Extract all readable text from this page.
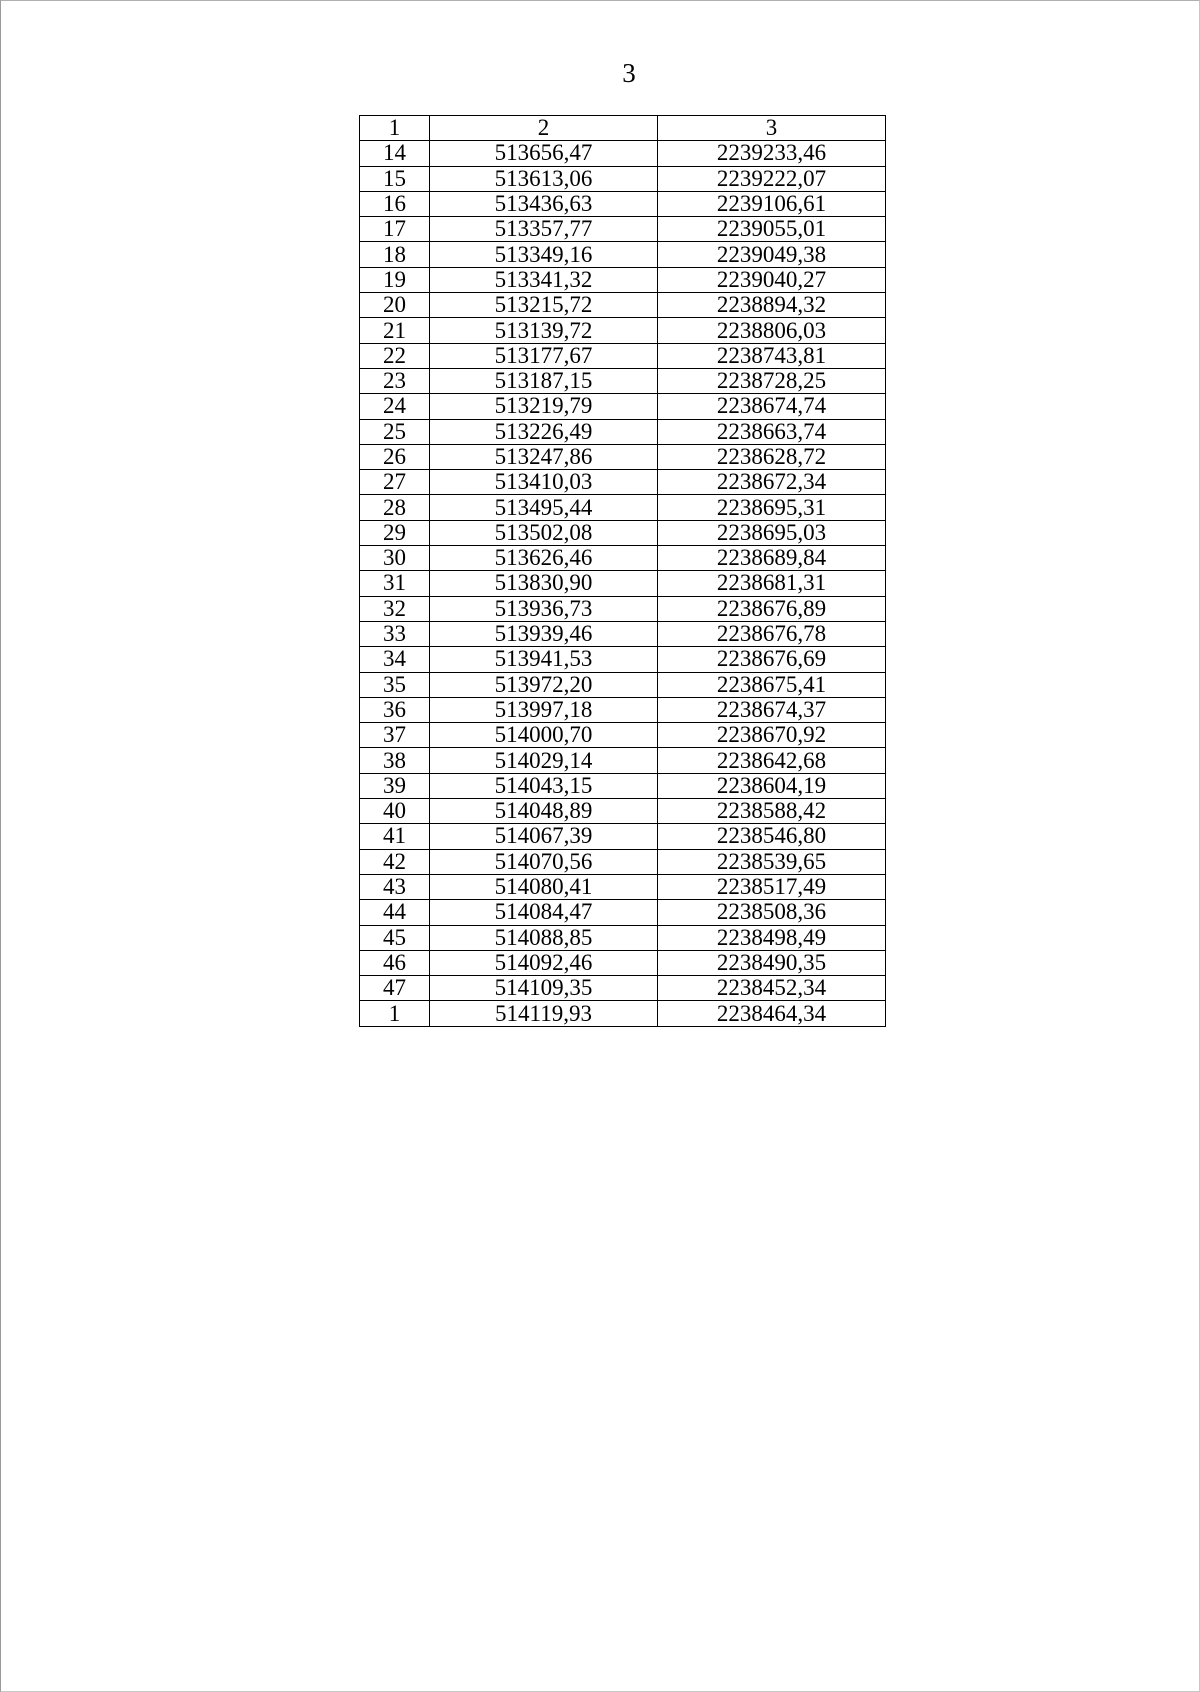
3
1	2	3
14	513656,47	2239233,46
15	513613,06	2239222,07
16	513436,63	2239106,61
17	513357,77	2239055,01
18	513349,16	2239049,38
19	513341,32	2239040,27
20	513215,72	2238894,32
21	513139,72	2238806,03
22	513177,67	2238743,81
23	513187,15	2238728,25
24	513219,79	2238674,74
25	513226,49	2238663,74
26	513247,86	2238628,72
27	513410,03	2238672,34
28	513495,44	2238695,31
29	513502,08	2238695,03
30	513626,46	2238689,84
31	513830,90	2238681,31
32	513936,73	2238676,89
33	513939,46	2238676,78
34	513941,53	2238676,69
35	513972,20	2238675,41
36	513997,18	2238674,37
37	514000,70	2238670,92
38	514029,14	2238642,68
39	514043,15	2238604,19
40	514048,89	2238588,42
41	514067,39	2238546,80
42	514070,56	2238539,65
43	514080,41	2238517,49
44	514084,47	2238508,36
45	514088,85	2238498,49
46	514092,46	2238490,35
47	514109,35	2238452,34
1	514119,93	2238464,34
